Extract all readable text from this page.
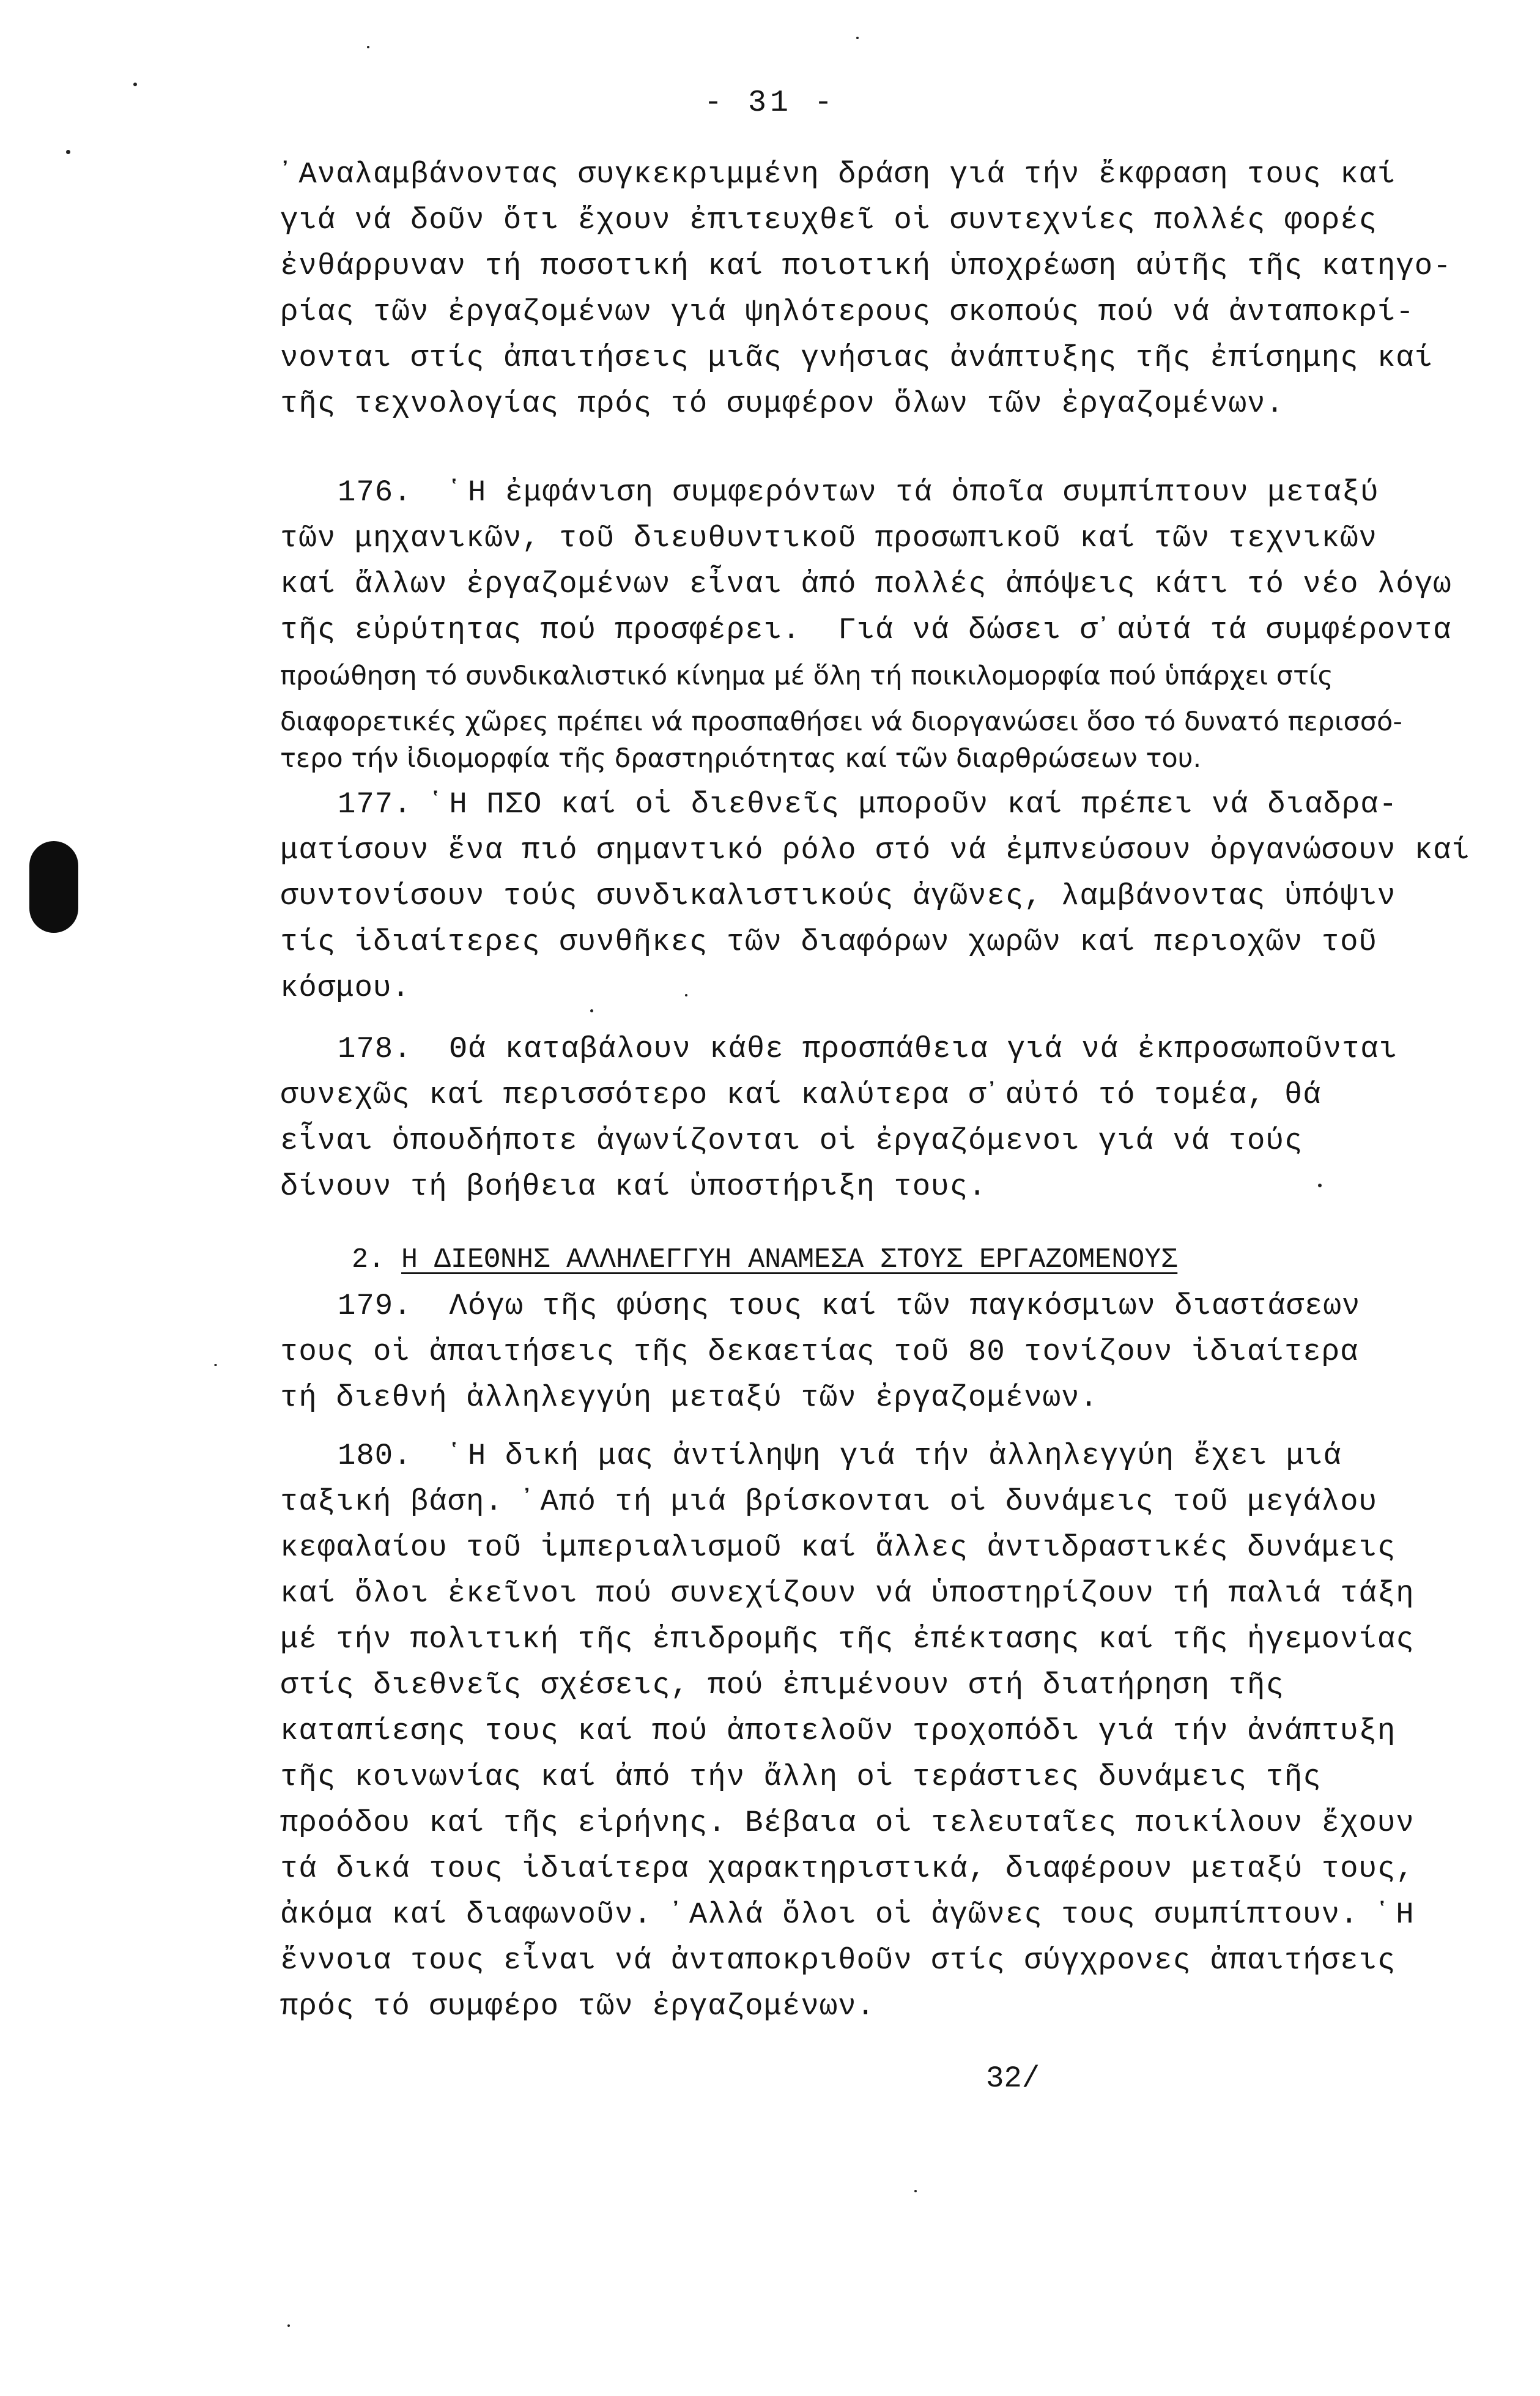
- 31 -
᾽Αναλαμβάνοντας συγκεκριμμένη δράση γιά τήν ἔκφραση τους καί
γιά νά δοῦν ὅτι ἔχουν ἐπιτευχθεῖ οἱ συντεχνίες πολλές φορές
ἐνθάρρυναν τή ποσοτική καί ποιοτική ὑποχρέωση αὐτῆς τῆς κατηγο-
ρίας τῶν ἐργαζομένων γιά ψηλότερους σκοπούς πού νά ἀνταποκρί-
νονται στίς ἀπαιτήσεις μιᾶς γνήσιας ἀνάπτυξης τῆς ἐπίσημης καί
τῆς τεχνολογίας πρός τό συμφέρον ὅλων τῶν ἐργαζομένων.
176.  ῾Η ἐμφάνιση συμφερόντων τά ὁποῖα συμπίπτουν μεταξύ
τῶν μηχανικῶν, τοῦ διευθυντικοῦ προσωπικοῦ καί τῶν τεχνικῶν
καί ἄλλων ἐργαζομένων εἶναι ἀπό πολλές ἀπόψεις κάτι τό νέο λόγω
τῆς εὐρύτητας πού προσφέρει.  Γιά νά δώσει σ᾽αὐτά τά συμφέροντα
πρoώθηση τό συνδικαλιστικό κίνημα μέ ὅλη τή ποικιλομορφία πού ὑπάρχει στίς
διαφορετικές χῶρες πρέπει νά προσπαθήσει νά διοργανώσει ὅσο τό δυνατό περισσό-
τερο τήν ἰδιομορφία τῆς δραστηριότητας καί τῶν διαρθρώσεων του.
177. ῾Η ΠΣΟ καί οἱ διεθνεῖς μποροῦν καί πρέπει νά διαδρα-
ματίσουν ἕνα πιό σημαντικό ρόλο στό νά ἐμπνεύσουν ὀργανώσουν καί
συντονίσουν τούς συνδικαλιστικούς ἀγῶνες, λαμβάνοντας ὑπόψιν
τίς ἰδιαίτερες συνθῆκες τῶν διαφόρων χωρῶν καί περιοχῶν τοῦ
κόσμου.
178.  Θά καταβάλουν κάθε προσπάθεια γιά νά ἐκπροσωποῦνται
συνεχῶς καί περισσότερο καί καλύτερα σ᾽αὐτό τό τομέα, θά
εἶναι ὁπουδήποτε ἀγωνίζονται οἱ ἐργαζόμενοι γιά νά τούς
δίνουν τή βοήθεια καί ὑποστήριξη τους.
179.  Λόγω τῆς φύσης τους καί τῶν παγκόσμιων διαστάσεων
τους οἱ ἀπαιτήσεις τῆς δεκαετίας τοῦ 80 τονίζουν ἰδιαίτερα
τή διεθνή ἀλληλεγγύη μεταξύ τῶν ἐργαζομένων.
180.  ῾Η δική μας ἀντίληψη γιά τήν ἀλληλεγγύη ἔχει μιά
ταξική βάση. ᾽Από τή μιά βρίσκονται οἱ δυνάμεις τοῦ μεγάλου
κεφαλαίου τοῦ ἰμπεριαλισμοῦ καί ἄλλες ἀντιδραστικές δυνάμεις
καί ὅλοι ἐκεῖνοι πού συνεχίζουν νά ὑποστηρίζουν τή παλιά τάξη
μέ τήν πολιτική τῆς ἐπιδρομῆς τῆς ἐπέκτασης καί τῆς ἡγεμονίας
στίς διεθνεῖς σχέσεις, πού ἐπιμένουν στή διατήρηση τῆς
καταπίεσης τους καί πού ἀποτελοῦν τροχοπόδι γιά τήν ἀνάπτυξη
τῆς κοινωνίας καί ἀπό τήν ἄλλη οἱ τεράστιες δυνάμεις τῆς
προόδου καί τῆς εἰρήνης. Βέβαια οἱ τελευταῖες ποικίλουν ἔχουν
τά δικά τους ἰδιαίτερα χαρακτηριστικά, διαφέρουν μεταξύ τους,
ἀκόμα καί διαφωνοῦν. ᾽Αλλά ὅλοι οἱ ἀγῶνες τους συμπίπτουν. ῾Η
ἔννοια τους εἶναι νά ἀνταποκριθοῦν στίς σύγχρονες ἀπαιτήσεις
πρός τό συμφέρο τῶν ἐργαζομένων.
2. Η ΔΙΕΘΝΗΣ ΑΛΛΗΛΕΓΓΥΗ ΑΝΑΜΕΣΑ ΣΤΟΥΣ ΕΡΓΑΖΟΜΕΝΟΥΣ
32/
